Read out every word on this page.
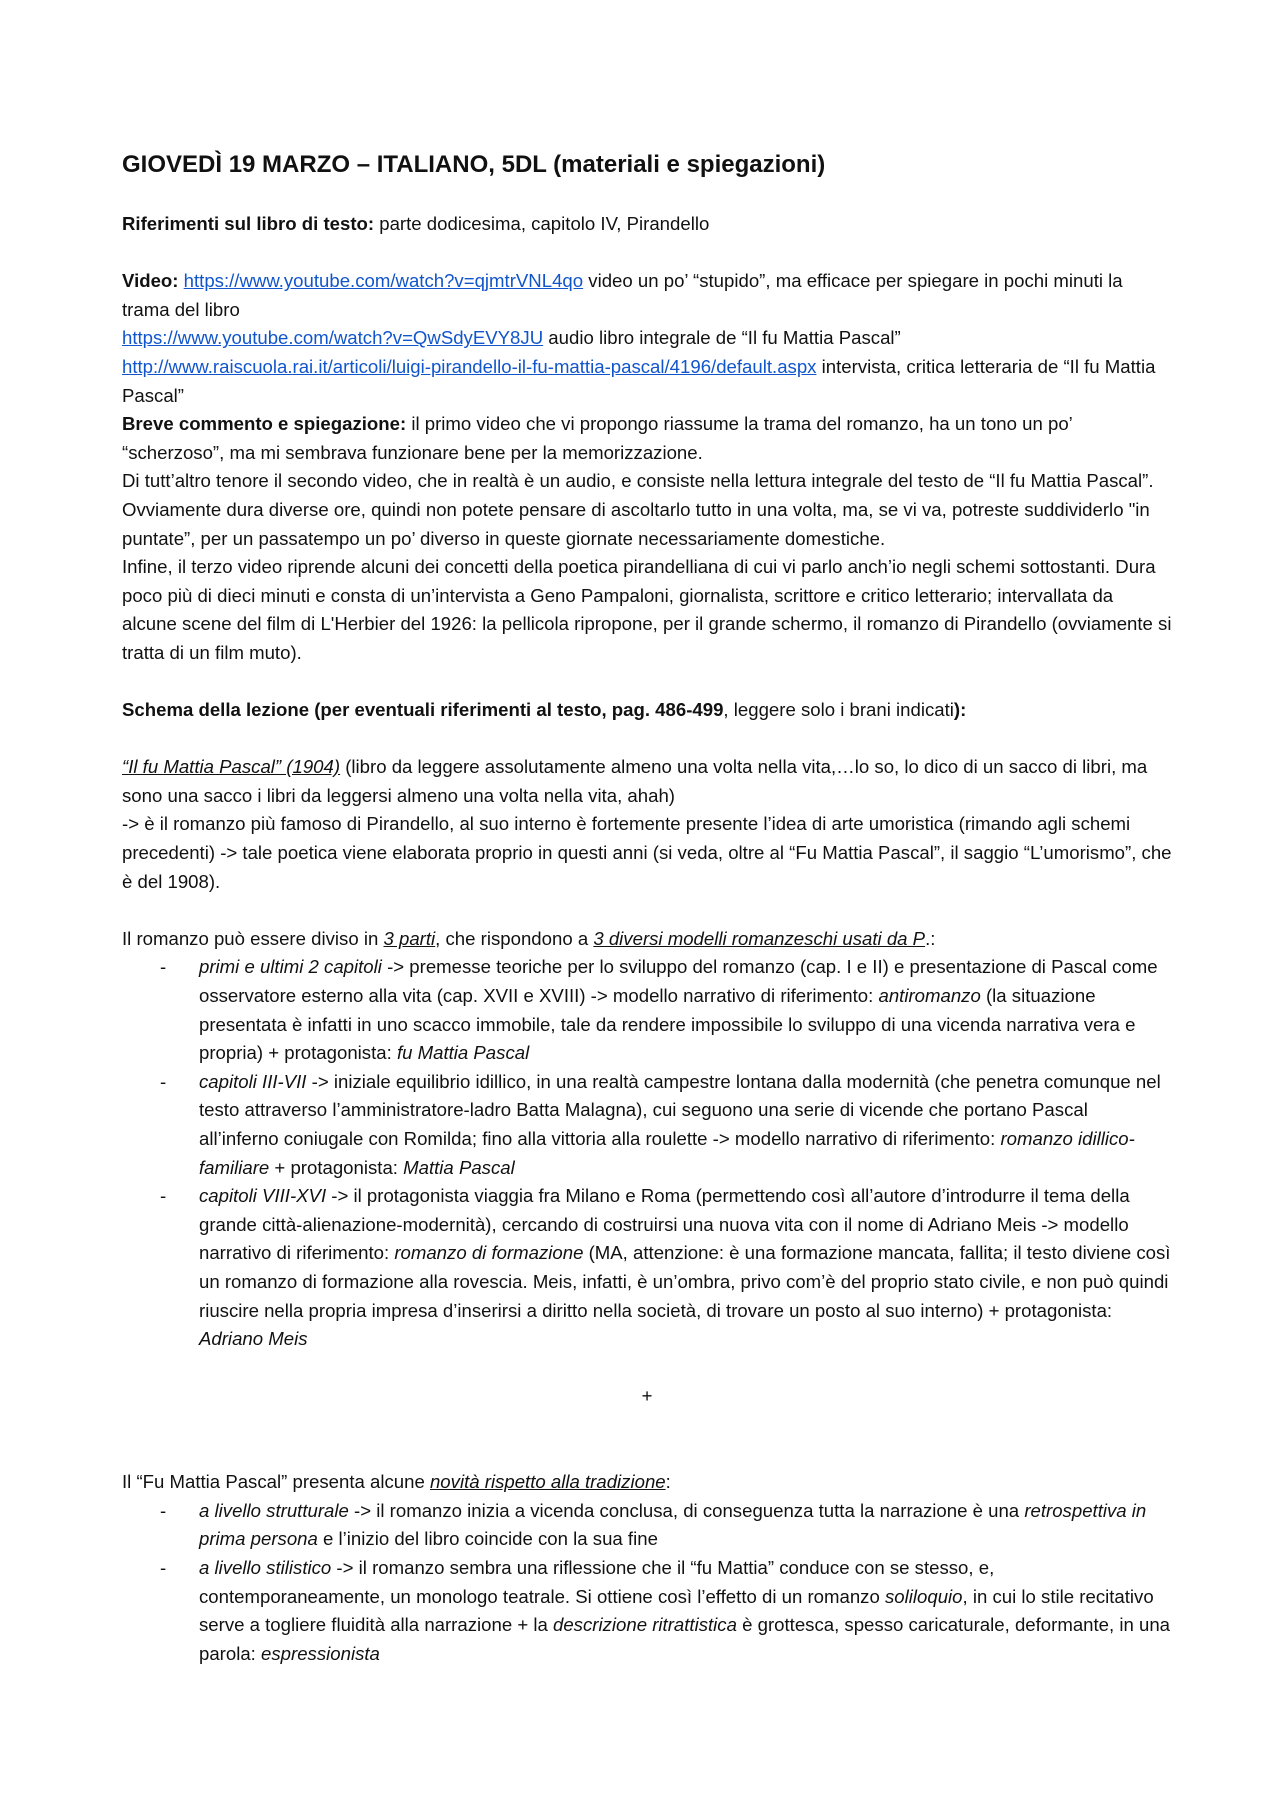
GIOVEDÌ 19 MARZO – ITALIANO, 5DL (materiali e spiegazioni)

Riferimenti sul libro di testo: parte dodicesima, capitolo IV, Pirandello

Video: https://www.youtube.com/watch?v=qjmtrVNL4qo video un po’ “stupido”, ma efficace per spiegare in pochi minuti la trama del libro
https://www.youtube.com/watch?v=QwSdyEVY8JU audio libro integrale de “Il fu Mattia Pascal”
http://www.raiscuola.rai.it/articoli/luigi-pirandello-il-fu-mattia-pascal/4196/default.aspx intervista, critica letteraria de “Il fu Mattia Pascal”

Breve commento e spiegazione: il primo video che vi propongo riassume la trama del romanzo, ha un tono un po’ “scherzoso”, ma mi sembrava funzionare bene per la memorizzazione.

Di tutt’altro tenore il secondo video, che in realtà è un audio, e consiste nella lettura integrale del testo de “Il fu Mattia Pascal”. Ovviamente dura diverse ore, quindi non potete pensare di ascoltarlo tutto in una volta, ma, se vi va, potreste suddividerlo "in puntate”, per un passatempo un po’ diverso in queste giornate necessariamente domestiche.

Infine, il terzo video riprende alcuni dei concetti della poetica pirandelliana di cui vi parlo anch’io negli schemi sottostanti. Dura poco più di dieci minuti e consta di un’intervista a Geno Pampaloni, giornalista, scrittore e critico letterario; intervallata da alcune scene del film di L'Herbier del 1926: la pellicola ripropone, per il grande schermo, il romanzo di Pirandello (ovviamente si tratta di un film muto).

Schema della lezione (per eventuali riferimenti al testo, pag. 486-499, leggere solo i brani indicati):

“Il fu Mattia Pascal” (1904) (libro da leggere assolutamente almeno una volta nella vita,…lo so, lo dico di un sacco di libri, ma sono una sacco i libri da leggersi almeno una volta nella vita, ahah)

-> è il romanzo più famoso di Pirandello, al suo interno è fortemente presente l’idea di arte umoristica (rimando agli schemi precedenti) -> tale poetica viene elaborata proprio in questi anni (si veda, oltre al “Fu Mattia Pascal”, il saggio “L’umorismo”, che è del 1908).

Il romanzo può essere diviso in 3 parti, che rispondono a 3 diversi modelli romanzeschi usati da P.:

- primi e ultimi 2 capitoli -> premesse teoriche per lo sviluppo del romanzo (cap. I e II) e presentazione di Pascal come osservatore esterno alla vita (cap. XVII e XVIII) -> modello narrativo di riferimento: antiromanzo (la situazione presentata è infatti in uno scacco immobile, tale da rendere impossibile lo sviluppo di una vicenda narrativa vera e propria) + protagonista: fu Mattia Pascal
- capitoli III-VII -> iniziale equilibrio idillico, in una realtà campestre lontana dalla modernità (che penetra comunque nel testo attraverso l’amministratore-ladro Batta Malagna), cui seguono una serie di vicende che portano Pascal all’inferno coniugale con Romilda; fino alla vittoria alla roulette -> modello narrativo di riferimento: romanzo idillico-familiare + protagonista: Mattia Pascal
- capitoli VIII-XVI -> il protagonista viaggia fra Milano e Roma (permettendo così all’autore d’introdurre il tema della grande città-alienazione-modernità), cercando di costruirsi una nuova vita con il nome di Adriano Meis -> modello narrativo di riferimento: romanzo di formazione (MA, attenzione: è una formazione mancata, fallita; il testo diviene così un romanzo di formazione alla rovescia. Meis, infatti, è un’ombra, privo com’è del proprio stato civile, e non può quindi riuscire nella propria impresa d’inserirsi a diritto nella società, di trovare un posto al suo interno) + protagonista: Adriano Meis

+

Il “Fu Mattia Pascal” presenta alcune novità rispetto alla tradizione:

- a livello strutturale -> il romanzo inizia a vicenda conclusa, di conseguenza tutta la narrazione è una retrospettiva in prima persona e l’inizio del libro coincide con la sua fine
- a livello stilistico -> il romanzo sembra una riflessione che il “fu Mattia” conduce con se stesso, e, contemporaneamente, un monologo teatrale. Si ottiene così l’effetto di un romanzo soliloquio, in cui lo stile recitativo serve a togliere fluidità alla narrazione + la descrizione ritrattistica è grottesca, spesso caricaturale, deformante, in una parola: espressionista
